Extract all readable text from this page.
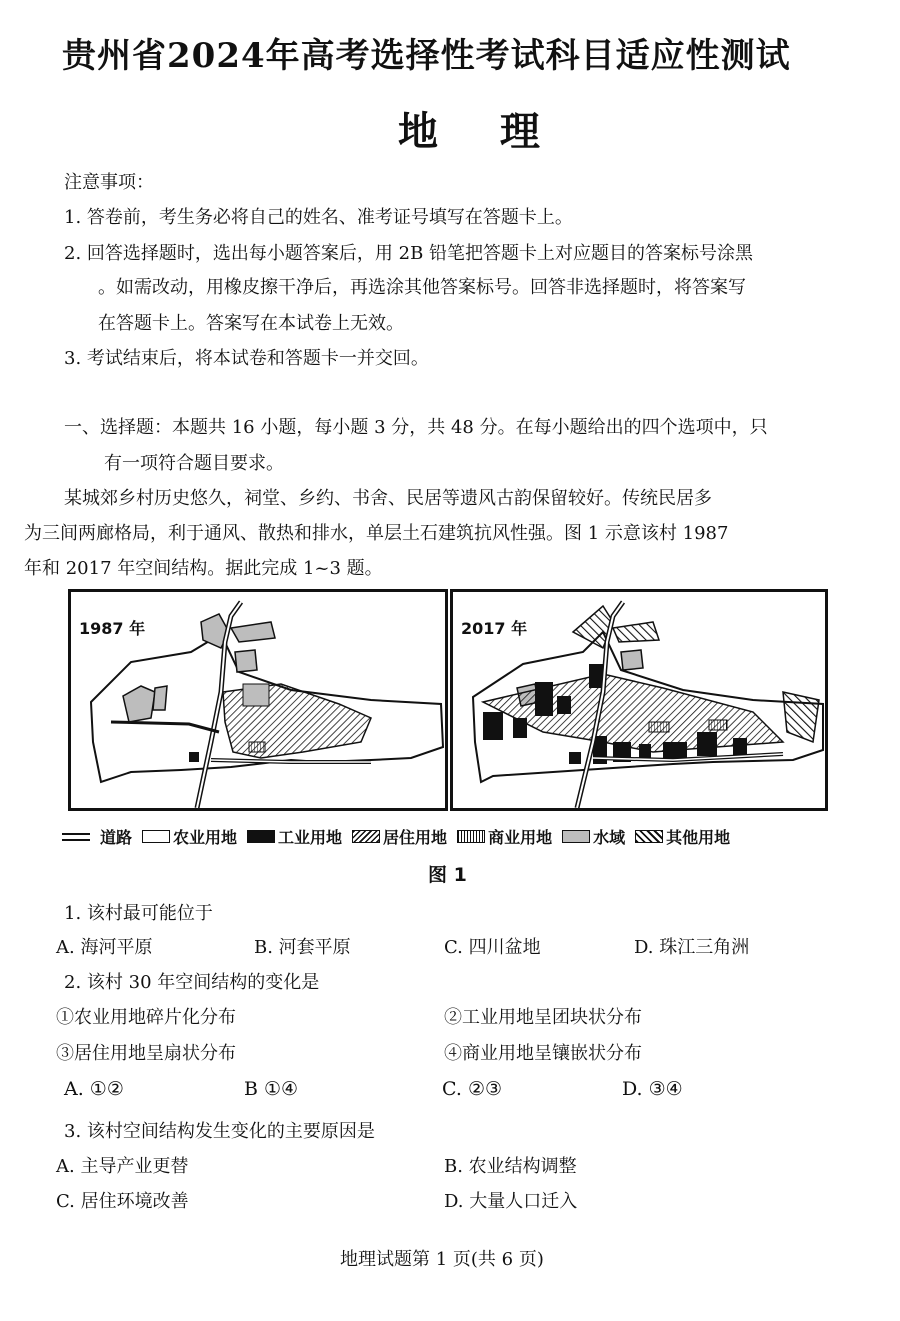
贵州省2024年高考选择性考试科目适应性测试
地 理
注意事项：
1. 答卷前，考生务必将自己的姓名、准考证号填写在答题卡上。
2. 回答选择题时，选出每小题答案后，用 2B 铅笔把答题卡上对应题目的答案标号涂黑
。如需改动，用橡皮擦干净后，再选涂其他答案标号。回答非选择题时，将答案写
在答题卡上。答案写在本试卷上无效。
3. 考试结束后，将本试卷和答题卡一并交回。
一、选择题：本题共 16 小题，每小题 3 分，共 48 分。在每小题给出的四个选项中，只
有一项符合题目要求。
某城郊乡村历史悠久，祠堂、乡约、书舍、民居等遗风古韵保留较好。传统民居多
为三间两廊格局，利于通风、散热和排水，单层土石建筑抗风性强。图 1 示意该村 1987
年和 2017 年空间结构。据此完成 1~3 题。
1987 年	2017 年
道路	农业用地	工业用地	居住用地	商业用地	水域	其他用地
图 1
1. 该村最可能位于
A. 海河平原	B. 河套平原	C. 四川盆地	D. 珠江三角洲
2. 该村 30 年空间结构的变化是
①农业用地碎片化分布	②工业用地呈团块状分布
③居住用地呈扇状分布	④商业用地呈镶嵌状分布
A. ①②	B ①④	C. ②③	D. ③④
3. 该村空间结构发生变化的主要原因是
A. 主导产业更替	B. 农业结构调整
C. 居住环境改善	D. 大量人口迁入
地理试题第 1 页(共 6 页)
